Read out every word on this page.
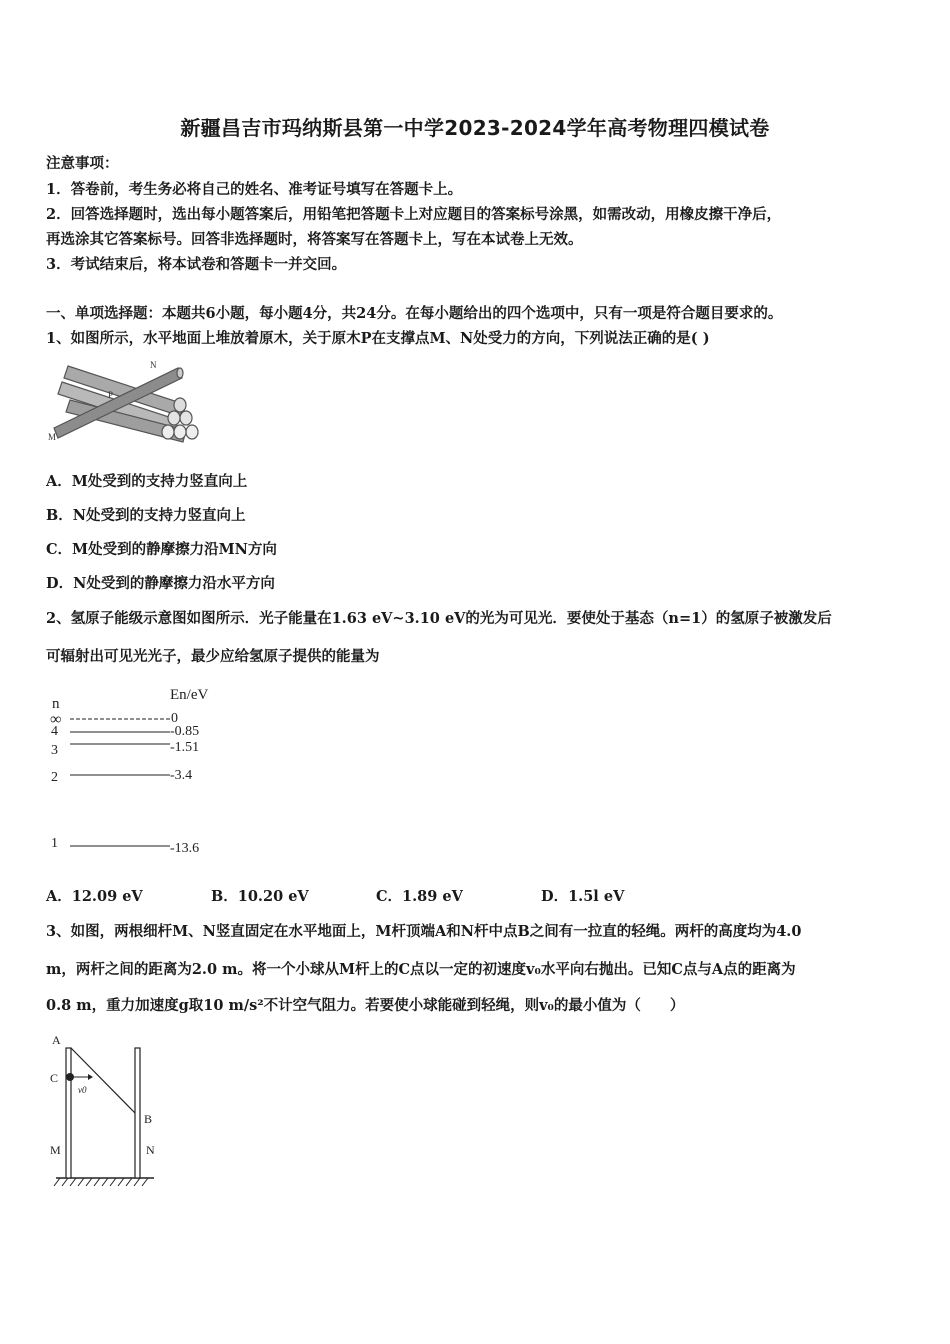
新疆昌吉市玛纳斯县第一中学2023-2024学年高考物理四模试卷
注意事项：
1．答卷前，考生务必将自己的姓名、准考证号填写在答题卡上。
2．回答选择题时，选出每小题答案后，用铅笔把答题卡上对应题目的答案标号涂黑，如需改动，用橡皮擦干净后，
再选涂其它答案标号。回答非选择题时，将答案写在答题卡上，写在本试卷上无效。
3．考试结束后，将本试卷和答题卡一并交回。
一、单项选择题：本题共6小题，每小题4分，共24分。在每小题给出的四个选项中，只有一项是符合题目要求的。
1、如图所示，水平地面上堆放着原木，关于原木P在支撑点M、N处受力的方向，下列说法正确的是( )
M
N
P
A．M处受到的支持力竖直向上
B．N处受到的支持力竖直向上
C．M处受到的静摩擦力沿MN方向
D．N处受到的静摩擦力沿水平方向
2、氢原子能级示意图如图所示．光子能量在1.63 eV~3.10 eV的光为可见光．要使处于基态（n=1）的氢原子被激发后
可辐射出可见光光子，最少应给氢原子提供的能量为
n
En/eV
∞	0
4	-0.85
3	-1.51
2	-3.4
1	-13.6
A．12.09 eV	B．10.20 eV	C．1.89 eV	D．1.5l eV
3、如图，两根细杆M、N竖直固定在水平地面上，M杆顶端A和N杆中点B之间有一拉直的轻绳。两杆的高度均为4.0
m，两杆之间的距离为2.0 m。将一个小球从M杆上的C点以一定的初速度v₀水平向右抛出。已知C点与A点的距离为
0.8 m，重力加速度g取10 m/s²不计空气阻力。若要使小球能碰到轻绳，则v₀的最小值为（　　）
A
C
v0
B
M	N
